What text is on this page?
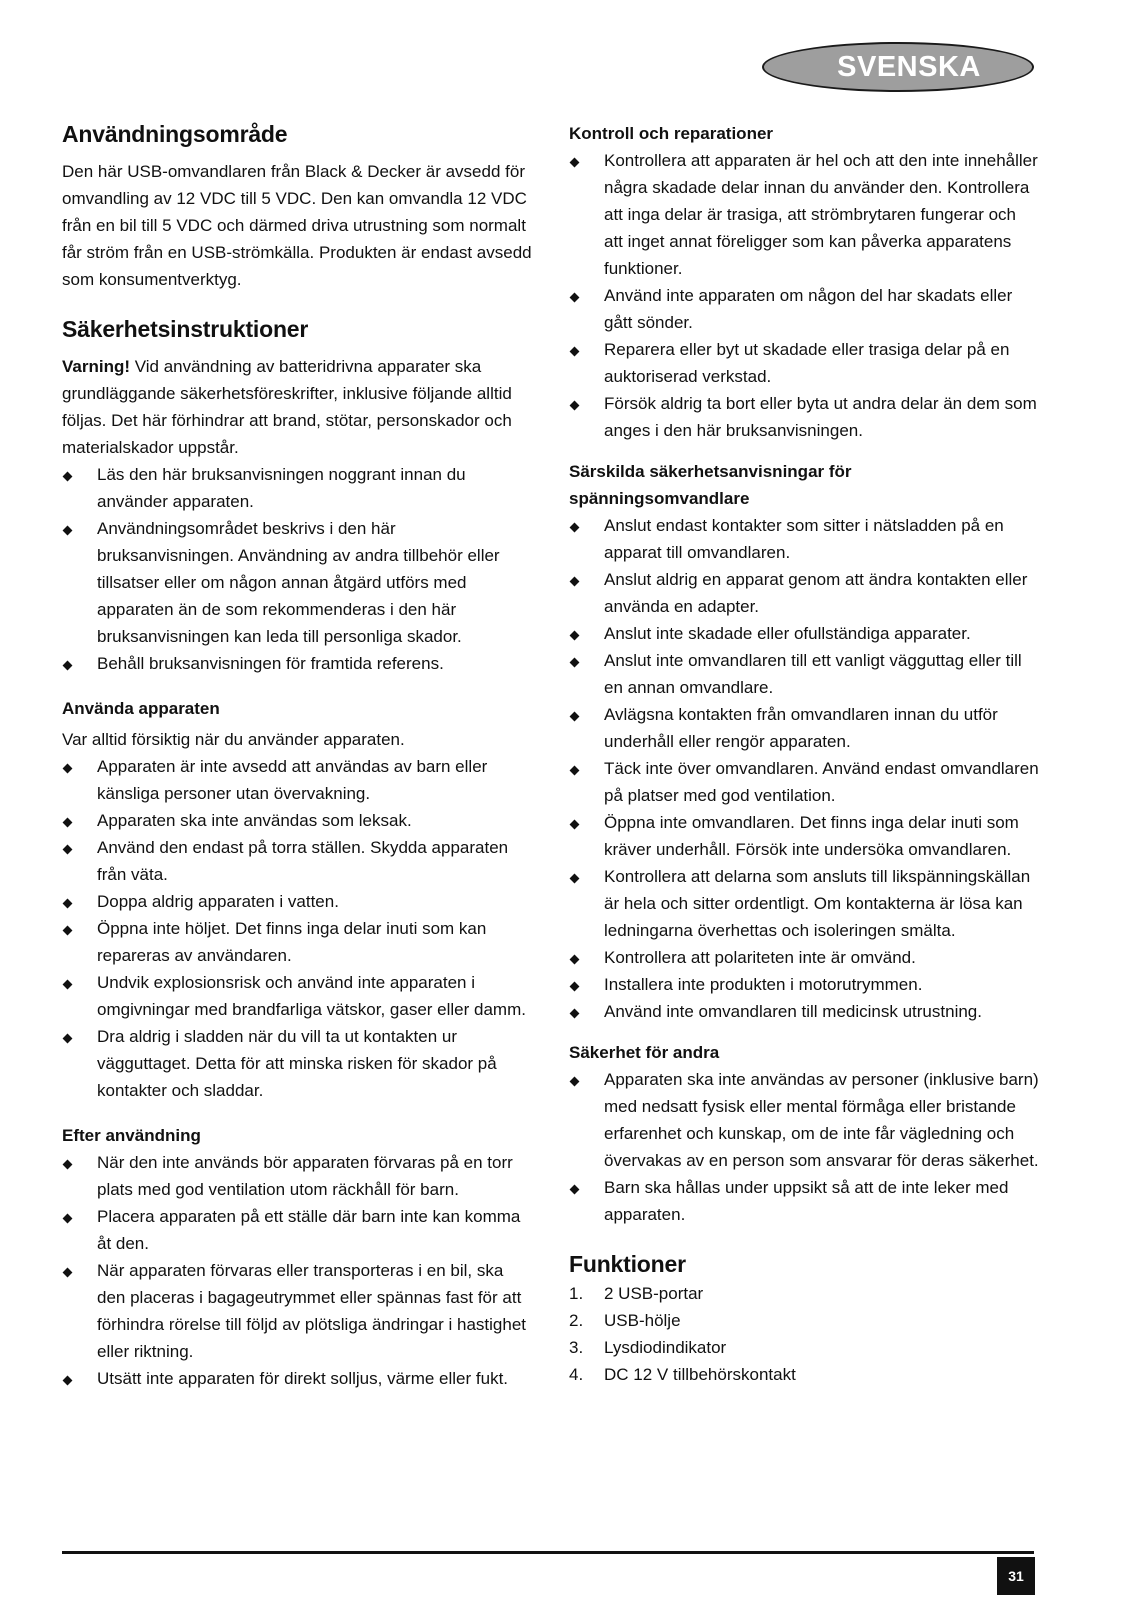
SVENSKA
Användningsområde

Den här USB-omvandlaren från Black & Decker är avsedd för omvandling av 12 VDC till 5 VDC. Den kan omvandla 12 VDC från en bil till 5 VDC och därmed driva utrustning som normalt får ström från en USB-strömkälla. Produkten är endast avsedd som konsumentverktyg.

Säkerhetsinstruktioner

Varning! Vid användning av batteridrivna apparater ska grundläggande säkerhetsföreskrifter, inklusive följande alltid följas. Det här förhindrar att brand, stötar, personskador och materialskador uppstår.

Läs den här bruksanvisningen noggrant innan du använder apparaten.
Användningsområdet beskrivs i den här bruksanvisningen. Användning av andra tillbehör eller tillsatser eller om någon annan åtgärd utförs med apparaten än de som rekommenderas i den här bruksanvisningen kan leda till personliga skador.
Behåll bruksanvisningen för framtida referens.
Använda apparaten

Var alltid försiktig när du använder apparaten.

Apparaten är inte avsedd att användas av barn eller känsliga personer utan övervakning.
Apparaten ska inte användas som leksak.
Använd den endast på torra ställen. Skydda apparaten från väta.
Doppa aldrig apparaten i vatten.
Öppna inte höljet. Det finns inga delar inuti som kan repareras av användaren.
Undvik explosionsrisk och använd inte apparaten i omgivningar med brandfarliga vätskor, gaser eller damm.
Dra aldrig i sladden när du vill ta ut kontakten ur vägguttaget. Detta för att minska risken för skador på kontakter och sladdar.
Efter användning
När den inte används bör apparaten förvaras på en torr plats med god ventilation utom räckhåll för barn.
Placera apparaten på ett ställe där barn inte kan komma åt den.
När apparaten förvaras eller transporteras i en bil, ska den placeras i bagageutrymmet eller spännas fast för att förhindra rörelse till följd av plötsliga ändringar i hastighet eller riktning.
Utsätt inte apparaten för direkt solljus, värme eller fukt.
Kontroll och reparationer
Kontrollera att apparaten är hel och att den inte innehåller några skadade delar innan du använder den. Kontrollera att inga delar är trasiga, att strömbrytaren fungerar och att inget annat föreligger som kan påverka apparatens funktioner.
Använd inte apparaten om någon del har skadats eller gått sönder.
Reparera eller byt ut skadade eller trasiga delar på en auktoriserad verkstad.
Försök aldrig ta bort eller byta ut andra delar än dem som anges i den här bruksanvisningen.
Särskilda säkerhetsanvisningar för spänningsomvandlare
Anslut endast kontakter som sitter i nätsladden på en apparat till omvandlaren.
Anslut aldrig en apparat genom att ändra kontakten eller använda en adapter.
Anslut inte skadade eller ofullständiga apparater.
Anslut inte omvandlaren till ett vanligt vägguttag eller till en annan omvandlare.
Avlägsna kontakten från omvandlaren innan du utför underhåll eller rengör apparaten.
Täck inte över omvandlaren. Använd endast omvandlaren på platser med god ventilation.
Öppna inte omvandlaren. Det finns inga delar inuti som kräver underhåll. Försök inte undersöka omvandlaren.
Kontrollera att delarna som ansluts till likspänningskällan är hela och sitter ordentligt. Om kontakterna är lösa kan ledningarna överhettas och isoleringen smälta.
Kontrollera att polariteten inte är omvänd.
Installera inte produkten i motorutrymmen.
Använd inte omvandlaren till medicinsk utrustning.
Säkerhet för andra
Apparaten ska inte användas av personer (inklusive barn) med nedsatt fysisk eller mental förmåga eller bristande erfarenhet och kunskap, om de inte får vägledning och övervakas av en person som ansvarar för deras säkerhet.
Barn ska hållas under uppsikt så att de inte leker med apparaten.
Funktioner
1. 2 USB-portar
2. USB-hölje
3. Lysdiodindikator
4. DC 12 V tillbehörskontakt
31
